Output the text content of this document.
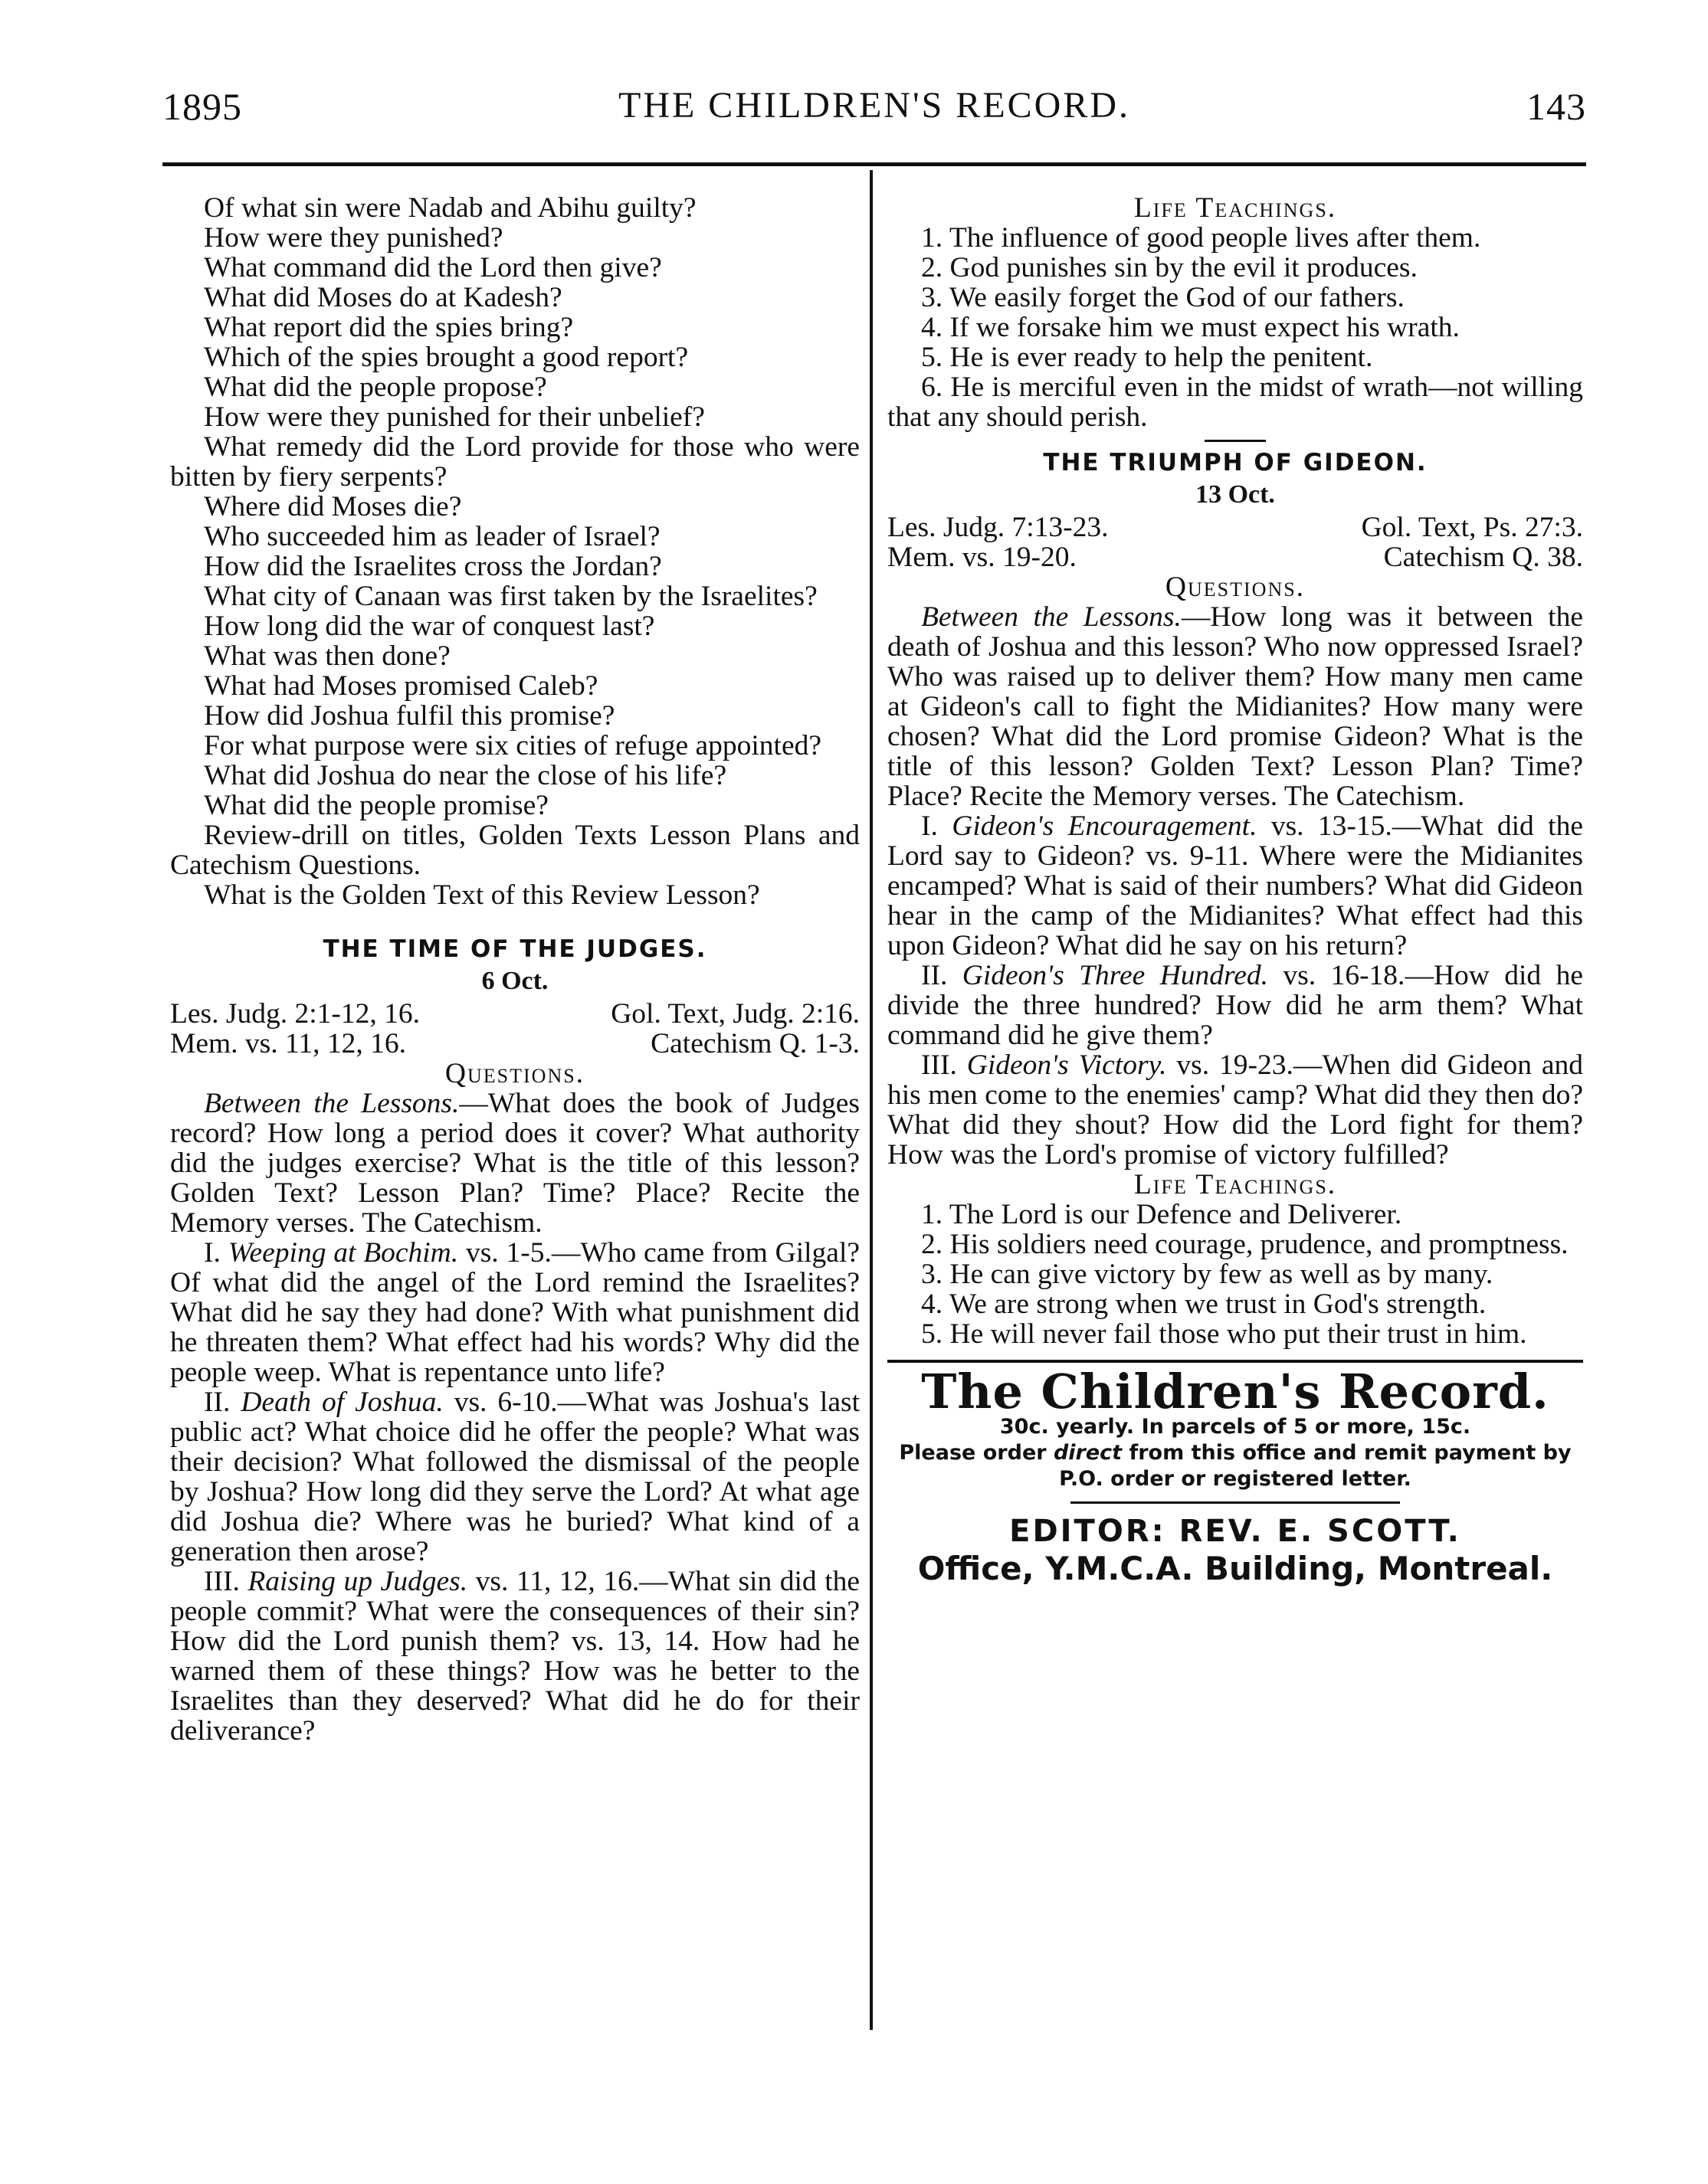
1895	THE CHILDREN'S RECORD.	143

Of what sin were Nadab and Abihu guilty?

How were they punished?

What command did the Lord then give?

What did Moses do at Kadesh?

What report did the spies bring?

Which of the spies brought a good report?

What did the people propose?

How were they punished for their unbelief?

What remedy did the Lord provide for those who were bitten by fiery serpents?

Where did Moses die?

Who succeeded him as leader of Israel?

How did the Israelites cross the Jordan?

What city of Canaan was first taken by the Israelites?

How long did the war of conquest last?

What was then done?

What had Moses promised Caleb?

How did Joshua fulfil this promise?

For what purpose were six cities of refuge appointed?

What did Joshua do near the close of his life?

What did the people promise?

Review-drill on titles, Golden Texts Lesson Plans and Catechism Questions.

What is the Golden Text of this Review Lesson?

THE TIME OF THE JUDGES.

6 Oct.

Les. Judg. 2:1-12, 16.	Gol. Text, Judg. 2:16.
Mem. vs. 11, 12, 16.	Catechism Q. 1-3.

Questions.

Between the Lessons.—What does the book of Judges record? How long a period does it cover? What authority did the judges exercise? What is the title of this lesson? Golden Text? Lesson Plan? Time? Place? Recite the Memory verses. The Catechism.

I. Weeping at Bochim. vs. 1-5.—Who came from Gilgal? Of what did the angel of the Lord remind the Israelites? What did he say they had done? With what punishment did he threaten them? What effect had his words? Why did the people weep. What is repentance unto life?

II. Death of Joshua. vs. 6-10.—What was Joshua's last public act? What choice did he offer the people? What was their decision? What followed the dismissal of the people by Joshua? How long did they serve the Lord? At what age did Joshua die? Where was he buried? What kind of a generation then arose?

III. Raising up Judges. vs. 11, 12, 16.—What sin did the people commit? What were the consequences of their sin? How did the Lord punish them? vs. 13, 14. How had he warned them of these things? How was he better to the Israelites than they deserved? What did he do for their deliverance?

Life Teachings.

1. The influence of good people lives after them.

2. God punishes sin by the evil it produces.

3. We easily forget the God of our fathers.

4. If we forsake him we must expect his wrath.

5. He is ever ready to help the penitent.

6. He is merciful even in the midst of wrath—not willing that any should perish.

THE TRIUMPH OF GIDEON.

13 Oct.

Les. Judg. 7:13-23.	Gol. Text, Ps. 27:3.
Mem. vs. 19-20.	Catechism Q. 38.

Questions.

Between the Lessons.—How long was it between the death of Joshua and this lesson? Who now oppressed Israel? Who was raised up to deliver them? How many men came at Gideon's call to fight the Midianites? How many were chosen? What did the Lord promise Gideon? What is the title of this lesson? Golden Text? Lesson Plan? Time? Place? Recite the Memory verses. The Catechism.

I. Gideon's Encouragement. vs. 13-15.—What did the Lord say to Gideon? vs. 9-11. Where were the Midianites encamped? What is said of their numbers? What did Gideon hear in the camp of the Midianites? What effect had this upon Gideon? What did he say on his return?

II. Gideon's Three Hundred. vs. 16-18.—How did he divide the three hundred? How did he arm them? What command did he give them?

III. Gideon's Victory. vs. 19-23.—When did Gideon and his men come to the enemies' camp? What did they then do? What did they shout? How did the Lord fight for them? How was the Lord's promise of victory fulfilled?

Life Teachings.

1. The Lord is our Defence and Deliverer.

2. His soldiers need courage, prudence, and promptness.

3. He can give victory by few as well as by many.

4. We are strong when we trust in God's strength.

5. He will never fail those who put their trust in him.

The Children's Record.

30c. yearly. In parcels of 5 or more, 15c.

Please order direct from this office and remit payment by P.O. order or registered letter.

EDITOR: REV. E. SCOTT.

Office, Y.M.C.A. Building, Montreal.
